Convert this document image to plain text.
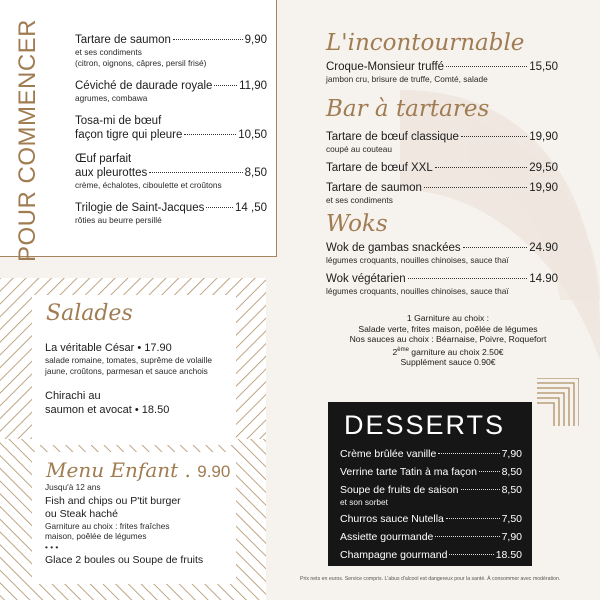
POUR COMMENCER	Tartare de saumon	9,90
et ses condiments
(citron, oignons, câpres, persil frisé)
Céviché de daurade royale 11,90
agrumes, combawa
Tosa-mi de bœuf
façon tigre qui pleure	10,50
Œuf parfait
aux pleurottes	8,50
crème, échalotes, ciboulette et croûtons
Trilogie de Saint-Jacques	14 ,50
rôties au beurre persillé
Salades
La véritable César • 17.90
salade romaine, tomates, suprême de volaille
jaune, croûtons, parmesan et sauce anchois
Chirachi au
saumon et avocat • 18.50
Menu Enfant . 9.90
Jusqu'à 12 ans
Fish and chips ou P'tit burger
ou Steak haché
Garniture au choix : frites fraîches
maison, poêlée de légumes
• • •
Glace 2 boules ou Soupe de fruits
L'incontournable
Croque-Monsieur truffé	15,50
jambon cru, brisure de truffe, Comté, salade
Bar à tartares
Tartare de bœuf classique	19,90
coupé au couteau
Tartare de bœuf XXL	29,50
Tartare de saumon	19,90
et ses condiments
Woks
Wok de gambas snackées	24.90
légumes croquants, nouilles chinoises, sauce thaï
Wok végétarien	14.90
légumes croquants, nouilles chinoises, sauce thaï
1 Garniture au choix :
Salade verte, frites maison, poêlée de légumes
Nos sauces au choix : Béarnaise, Poivre, Roquefort
2ème garniture au choix 2.50€
Supplément sauce 0.90€
DESSERTS
Crème brûlée vanille	7,90
Verrine tarte Tatin à ma façon 8,50
Soupe de fruits de saison	8,50
et son sorbet
Churros sauce Nutella	7,50
Assiette gourmande	7,90
Champagne gourmand	18.50
Prix nets en euros. Service compris. L'abus d'alcool est dangereux pour la santé. À consommer avec modération.
